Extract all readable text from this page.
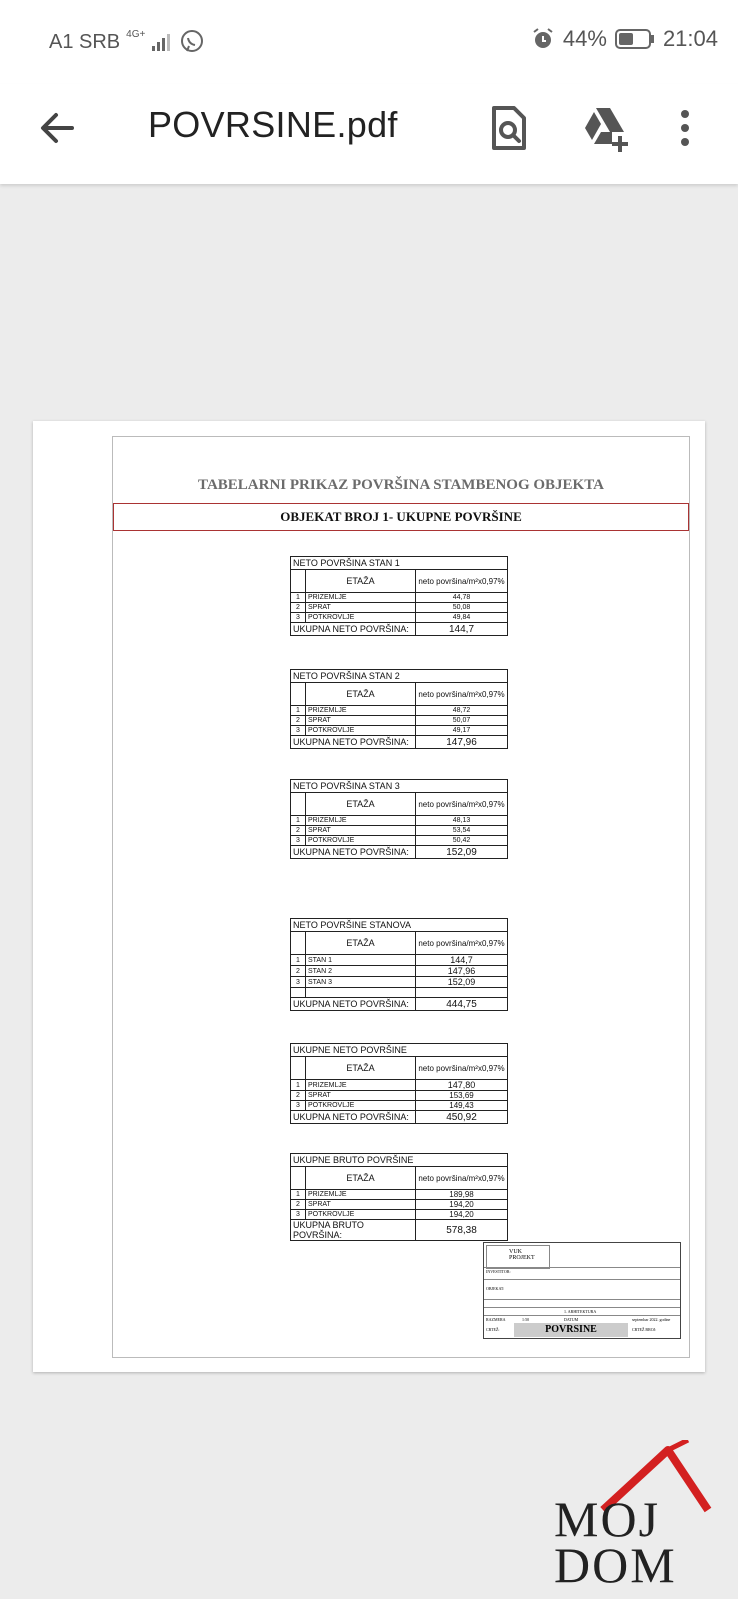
A1 SRB 4G+	44%	21:04
POVRSINE.pdf
TABELARNI PRIKAZ POVRŠINA STAMBENOG OBJEKTA
OBJEKAT BROJ 1- UKUPNE POVRŠINE
NETO POVRŠINA STAN 1		
	ETAŽA	neto površina/m²x0,97%
1	PRIZEMLJE	44,78
2	SPRAT	50,08
3	POTKROVLJE	49,84
UKUPNA NETO POVRŠINA:		144,7
NETO POVRŠINA STAN 2		
	ETAŽA	neto površina/m²x0,97%
1	PRIZEMLJE	48,72
2	SPRAT	50,07
3	POTKROVLJE	49,17
UKUPNA NETO POVRŠINA:		147,96
NETO POVRŠINA STAN 3		
	ETAŽA	neto površina/m²x0,97%
1	PRIZEMLJE	48,13
2	SPRAT	53,54
3	POTKROVLJE	50,42
UKUPNA NETO POVRŠINA:		152,09
NETO POVRŠINE STANOVA		
	ETAŽA	neto površina/m²x0,97%
1	STAN 1	144,7
2	STAN 2	147,96
3	STAN 3	152,09

UKUPNA NETO POVRŠINA:		444,75
UKUPNE NETO POVRŠINE		
	ETAŽA	neto površina/m²x0,97%
1	PRIZEMLJE	147,80
2	SPRAT	153,69
3	POTKROVLJE	149,43
UKUPNA NETO POVRŠINA:		450,92
UKUPNE BRUTO POVRŠINE		
	ETAŽA	neto površina/m²x0,97%
1	PRIZEMLJE	189,98
2	SPRAT	194,20
3	POTKROVLJE	194,20
UKUPNA BRUTO POVRŠINA:		578,38
VUK PROJEKT
INVESTITOR:
OBJEKAT:
1. ARHITEKTURA
RAZMERA	1:50	DATUM	septembar 2022. godine
CRTEŽ:	POVRSINE	CRTEŽ BROJ:
MOJ
DOM
